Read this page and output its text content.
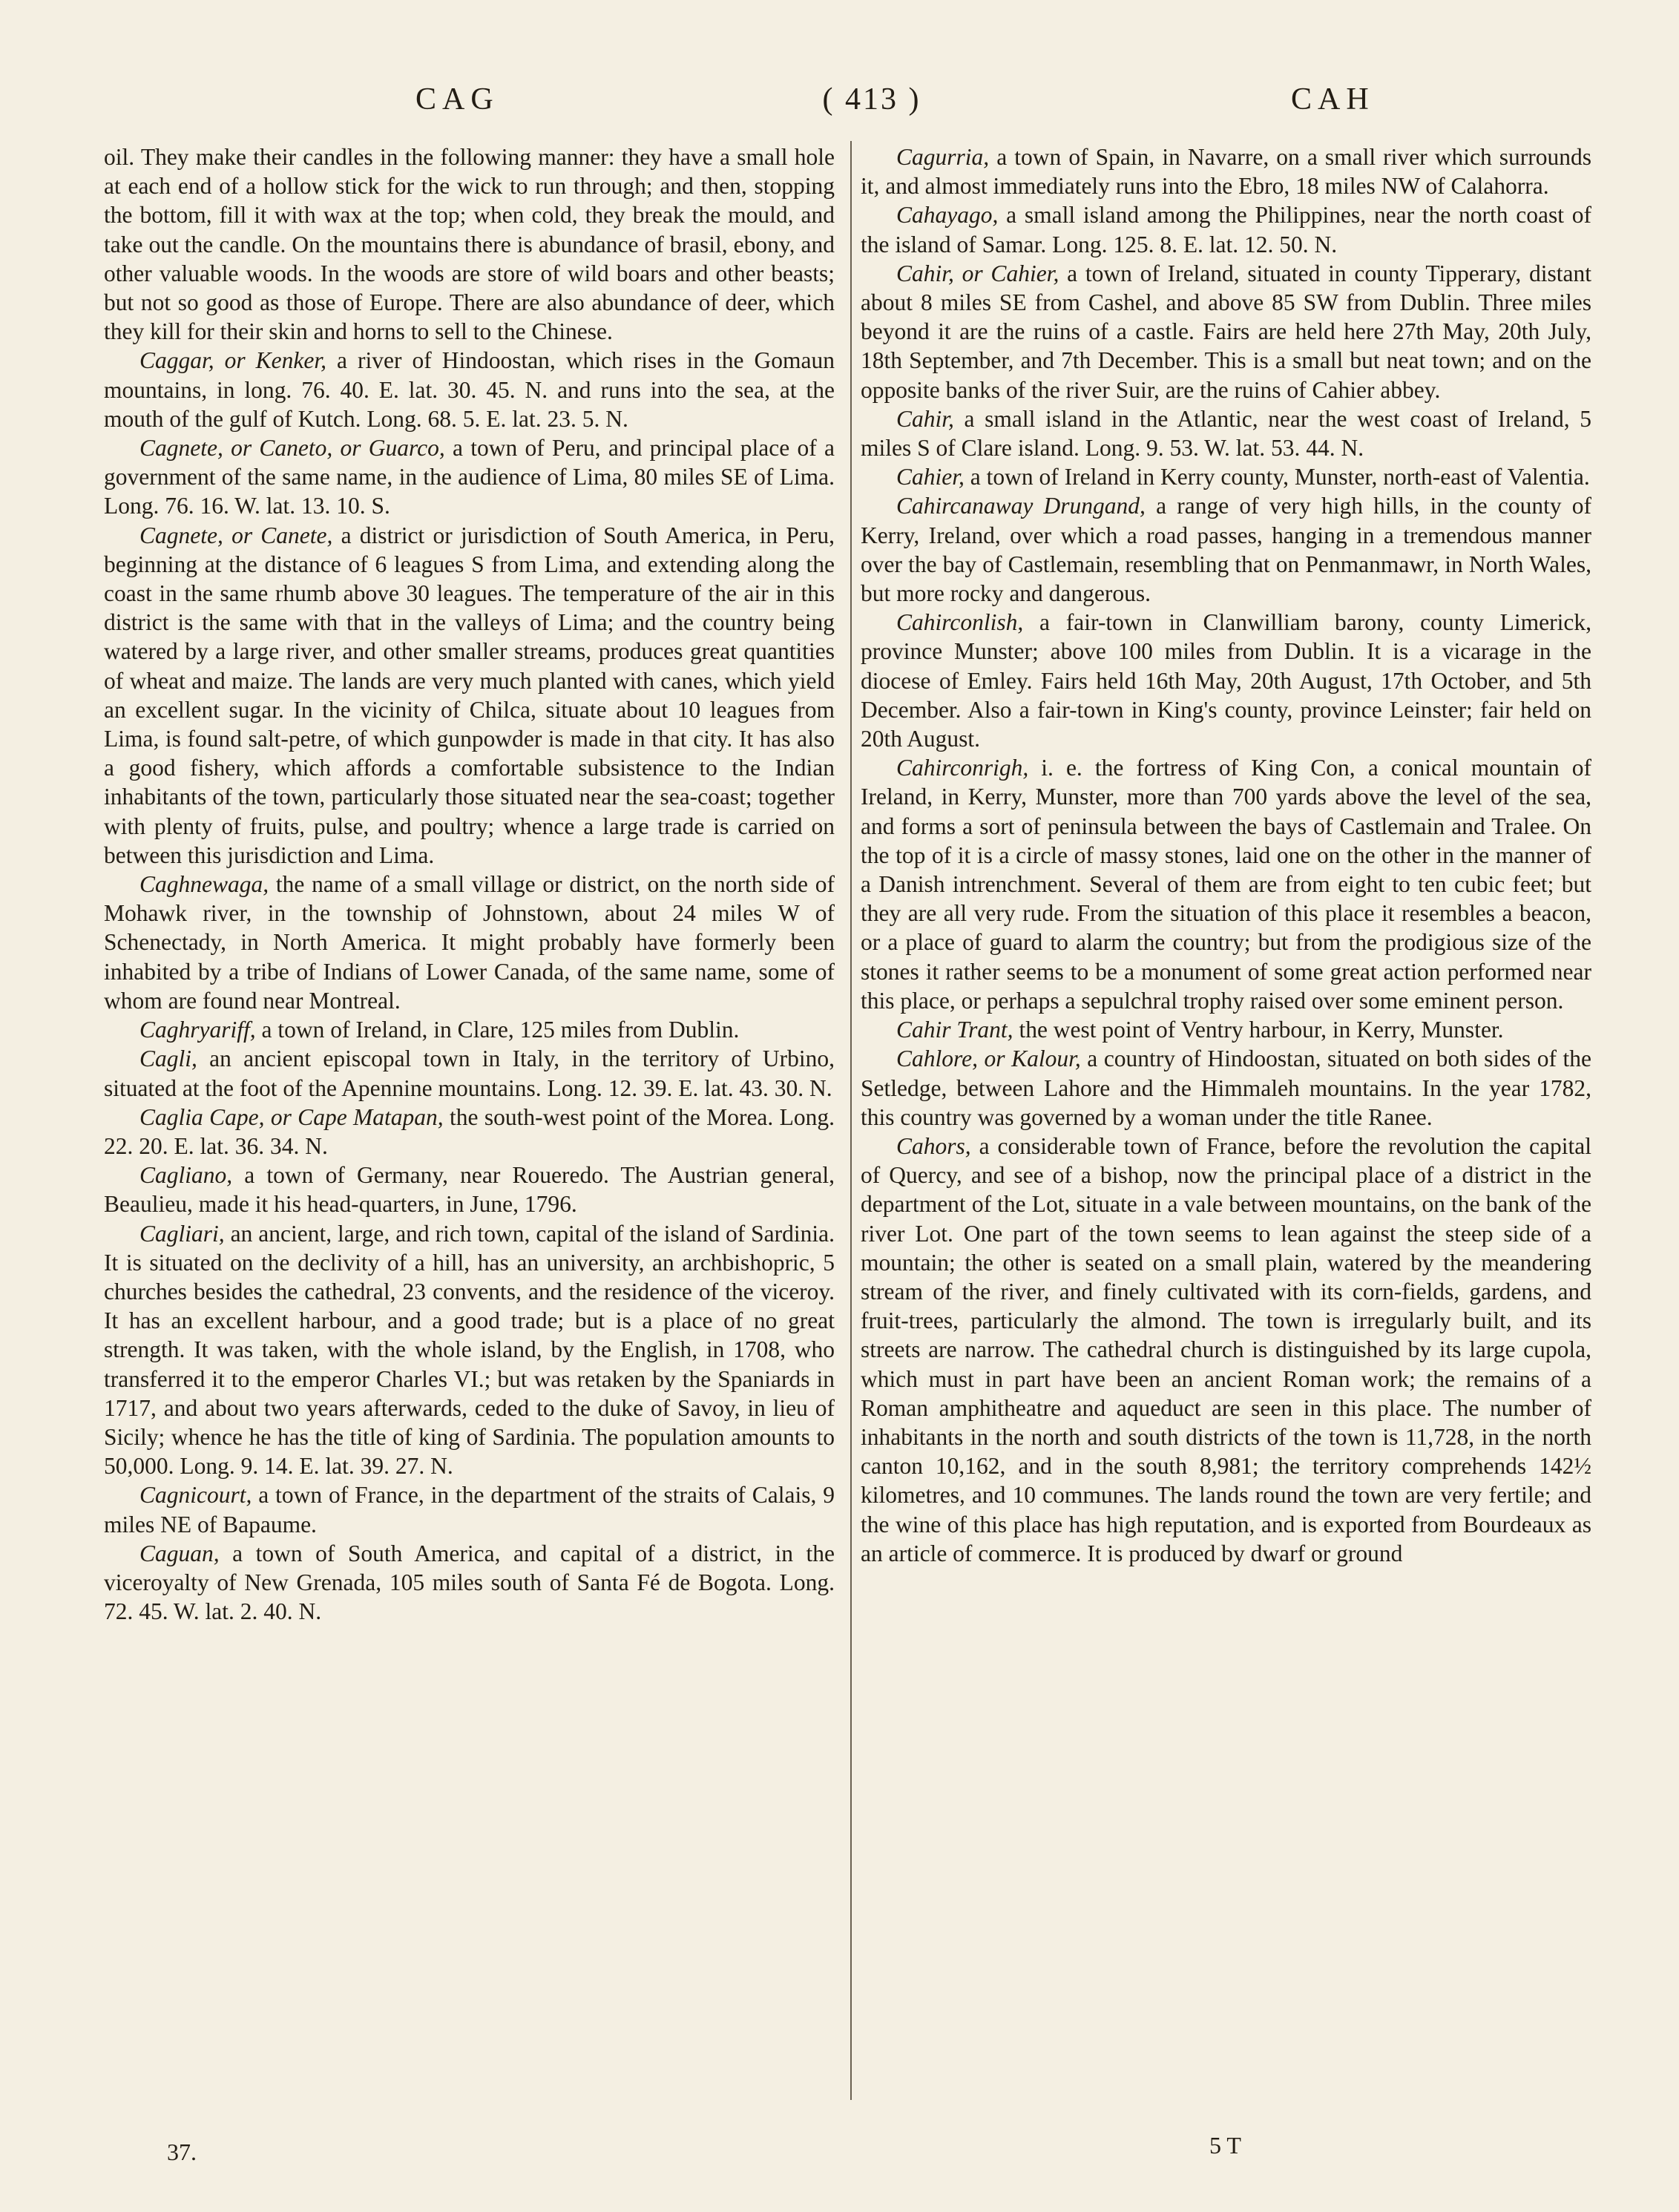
CAG	( 413 )	CAH

oil. They make their candles in the following manner: they have a small hole at each end of a hollow stick for the wick to run through; and then, stopping the bottom, fill it with wax at the top; when cold, they break the mould, and take out the candle. On the mountains there is abundance of brasil, ebony, and other valuable woods. In the woods are store of wild boars and other beasts; but not so good as those of Europe. There are also abundance of deer, which they kill for their skin and horns to sell to the Chinese.

Caggar, or Kenker, a river of Hindoostan, which rises in the Gomaun mountains, in long. 76. 40. E. lat. 30. 45. N. and runs into the sea, at the mouth of the gulf of Kutch. Long. 68. 5. E. lat. 23. 5. N.

Cagnete, or Caneto, or Guarco, a town of Peru, and principal place of a government of the same name, in the audience of Lima, 80 miles SE of Lima. Long. 76. 16. W. lat. 13. 10. S.

Cagnete, or Canete, a district or jurisdiction of South America, in Peru, beginning at the distance of 6 leagues S from Lima, and extending along the coast in the same rhumb above 30 leagues. The temperature of the air in this district is the same with that in the valleys of Lima; and the country being watered by a large river, and other smaller streams, produces great quantities of wheat and maize. The lands are very much planted with canes, which yield an excellent sugar. In the vicinity of Chilca, situate about 10 leagues from Lima, is found salt-petre, of which gunpowder is made in that city. It has also a good fishery, which affords a comfortable subsistence to the Indian inhabitants of the town, particularly those situated near the sea-coast; together with plenty of fruits, pulse, and poultry; whence a large trade is carried on between this jurisdiction and Lima.

Caghnewaga, the name of a small village or district, on the north side of Mohawk river, in the township of Johnstown, about 24 miles W of Schenectady, in North America. It might probably have formerly been inhabited by a tribe of Indians of Lower Canada, of the same name, some of whom are found near Montreal.

Caghryariff, a town of Ireland, in Clare, 125 miles from Dublin.

Cagli, an ancient episcopal town in Italy, in the territory of Urbino, situated at the foot of the Apennine mountains. Long. 12. 39. E. lat. 43. 30. N.

Caglia Cape, or Cape Matapan, the south-west point of the Morea. Long. 22. 20. E. lat. 36. 34. N.

Cagliano, a town of Germany, near Roueredo. The Austrian general, Beaulieu, made it his head-quarters, in June, 1796.

Cagliari, an ancient, large, and rich town, capital of the island of Sardinia. It is situated on the declivity of a hill, has an university, an archbishopric, 5 churches besides the cathedral, 23 convents, and the residence of the viceroy. It has an excellent harbour, and a good trade; but is a place of no great strength. It was taken, with the whole island, by the English, in 1708, who transferred it to the emperor Charles VI.; but was retaken by the Spaniards in 1717, and about two years afterwards, ceded to the duke of Savoy, in lieu of Sicily; whence he has the title of king of Sardinia. The population amounts to 50,000. Long. 9. 14. E. lat. 39. 27. N.

Cagnicourt, a town of France, in the department of the straits of Calais, 9 miles NE of Bapaume.

Caguan, a town of South America, and capital of a district, in the viceroyalty of New Grenada, 105 miles south of Santa Fé de Bogota. Long. 72. 45. W. lat. 2. 40. N.

Cagurria, a town of Spain, in Navarre, on a small river which surrounds it, and almost immediately runs into the Ebro, 18 miles NW of Calahorra.

Cahayago, a small island among the Philippines, near the north coast of the island of Samar. Long. 125. 8. E. lat. 12. 50. N.

Cahir, or Cahier, a town of Ireland, situated in county Tipperary, distant about 8 miles SE from Cashel, and above 85 SW from Dublin. Three miles beyond it are the ruins of a castle. Fairs are held here 27th May, 20th July, 18th September, and 7th December. This is a small but neat town; and on the opposite banks of the river Suir, are the ruins of Cahier abbey.

Cahir, a small island in the Atlantic, near the west coast of Ireland, 5 miles S of Clare island. Long. 9. 53. W. lat. 53. 44. N.

Cahier, a town of Ireland in Kerry county, Munster, north-east of Valentia.

Cahircanaway Drungand, a range of very high hills, in the county of Kerry, Ireland, over which a road passes, hanging in a tremendous manner over the bay of Castlemain, resembling that on Penmanmawr, in North Wales, but more rocky and dangerous.

Cahirconlish, a fair-town in Clanwilliam barony, county Limerick, province Munster; above 100 miles from Dublin. It is a vicarage in the diocese of Emley. Fairs held 16th May, 20th August, 17th October, and 5th December. Also a fair-town in King's county, province Leinster; fair held on 20th August.

Cahirconrigh, i. e. the fortress of King Con, a conical mountain of Ireland, in Kerry, Munster, more than 700 yards above the level of the sea, and forms a sort of peninsula between the bays of Castlemain and Tralee. On the top of it is a circle of massy stones, laid one on the other in the manner of a Danish intrenchment. Several of them are from eight to ten cubic feet; but they are all very rude. From the situation of this place it resembles a beacon, or a place of guard to alarm the country; but from the prodigious size of the stones it rather seems to be a monument of some great action performed near this place, or perhaps a sepulchral trophy raised over some eminent person.

Cahir Trant, the west point of Ventry harbour, in Kerry, Munster.

Cahlore, or Kalour, a country of Hindoostan, situated on both sides of the Setledge, between Lahore and the Himmaleh mountains. In the year 1782, this country was governed by a woman under the title Ranee.

Cahors, a considerable town of France, before the revolution the capital of Quercy, and see of a bishop, now the principal place of a district in the department of the Lot, situate in a vale between mountains, on the bank of the river Lot. One part of the town seems to lean against the steep side of a mountain; the other is seated on a small plain, watered by the meandering stream of the river, and finely cultivated with its corn-fields, gardens, and fruit-trees, particularly the almond. The town is irregularly built, and its streets are narrow. The cathedral church is distinguished by its large cupola, which must in part have been an ancient Roman work; the remains of a Roman amphitheatre and aqueduct are seen in this place. The number of inhabitants in the north and south districts of the town is 11,728, in the north canton 10,162, and in the south 8,981; the territory comprehends 142½ kilometres, and 10 communes. The lands round the town are very fertile; and the wine of this place has high reputation, and is exported from Bourdeaux as an article of commerce. It is produced by dwarf or ground

37.	5 T
